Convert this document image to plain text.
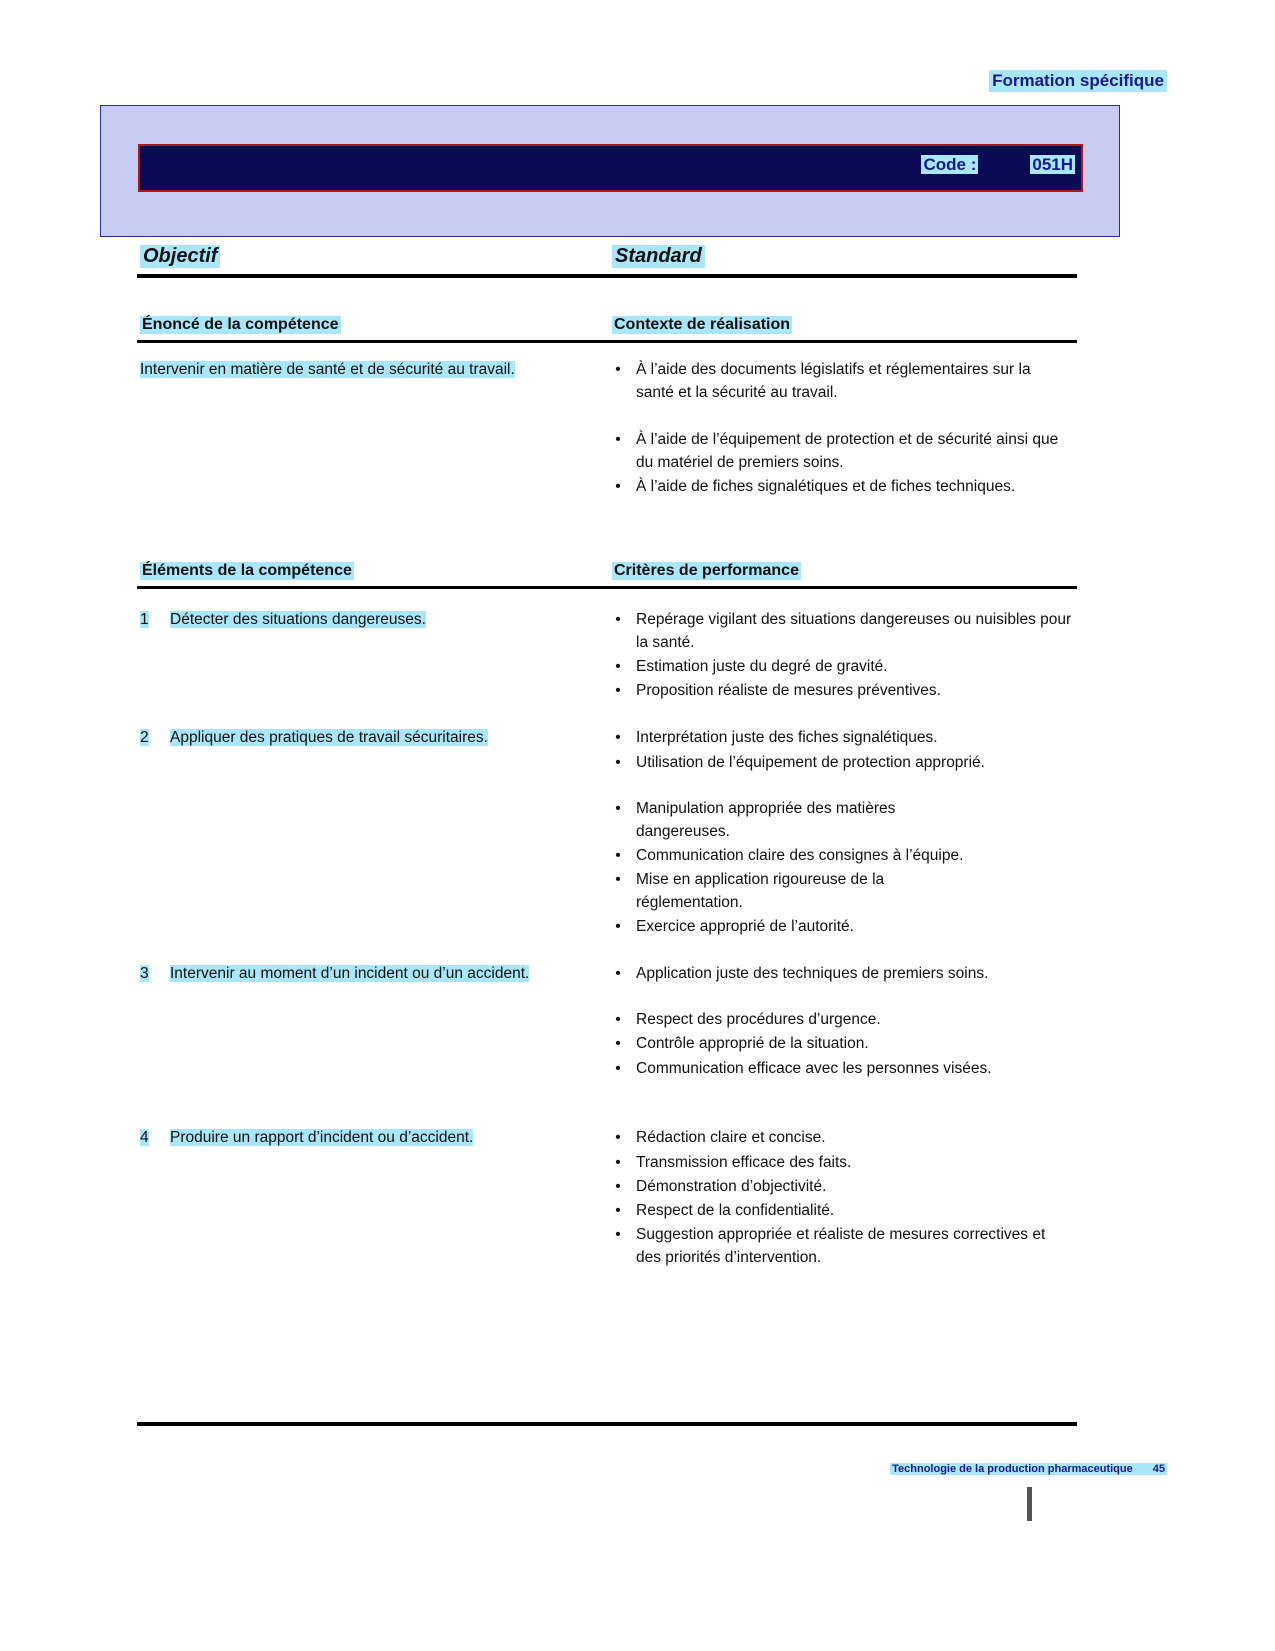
Formation spécifique
Code :	051H
Objectif	Standard
Énoncé de la compétence	Contexte de réalisation
Intervenir en matière de santé et de sécurité au travail.	• À l’aide des documents législatifs et réglementaires sur la santé et la sécurité au travail.
• À l’aide de l’équipement de protection et de sécurité ainsi que du matériel de premiers soins.
• À l’aide de fiches signalétiques et de fiches techniques.
Éléments de la compétence	Critères de performance
1	Détecter des situations dangereuses.	• Repérage vigilant des situations dangereuses ou nuisibles pour la santé.
• Estimation juste du degré de gravité.
• Proposition réaliste de mesures préventives.
2	Appliquer des pratiques de travail sécuritaires.	• Interprétation juste des fiches signalétiques.
• Utilisation de l’équipement de protection approprié.
• Manipulation appropriée des matières dangereuses.
• Communication claire des consignes à l’équipe.
• Mise en application rigoureuse de la réglementation.
• Exercice approprié de l’autorité.
3	Intervenir au moment d’un incident ou d’un accident.	• Application juste des techniques de premiers soins.
• Respect des procédures d’urgence.
• Contrôle approprié de la situation.
• Communication efficace avec les personnes visées.
4	Produire un rapport d’incident ou d’accident.	• Rédaction claire et concise.
• Transmission efficace des faits.
• Démonstration d’objectivité.
• Respect de la confidentialité.
• Suggestion appropriée et réaliste de mesures correctives et des priorités d’intervention.
Technologie de la production pharmaceutique 45
